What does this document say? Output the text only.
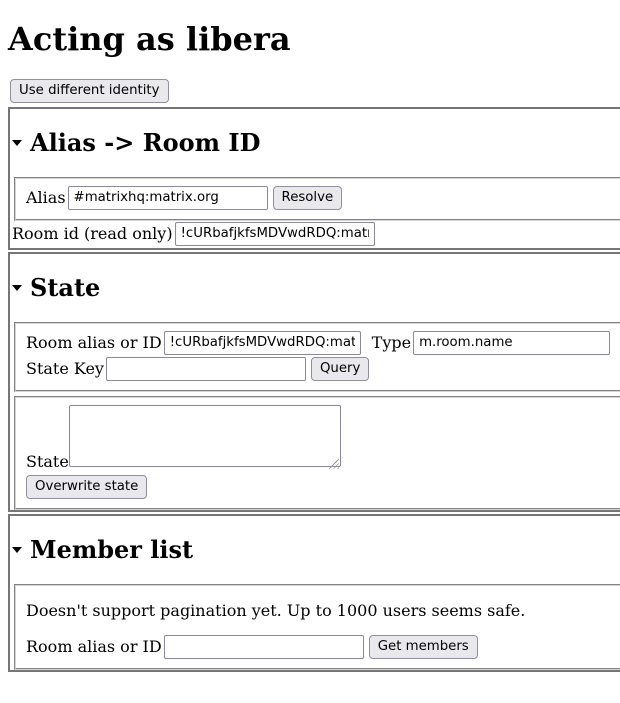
Acting as libera
Use different identity
Alias -> Room ID
Alias
#matrixhq:matrix.org	Resolve
Room id (read only)
!cURbafjkfsMDVwdRDQ:matrix.
State
Room alias or ID
!cURbafjkfsMDVwdRDQ:matrix.	Type
m.room.name
State Key	Query
State
Overwrite state
Member list

Doesn't support pagination yet. Up to 1000 users seems safe.

Room alias or ID	Get members
